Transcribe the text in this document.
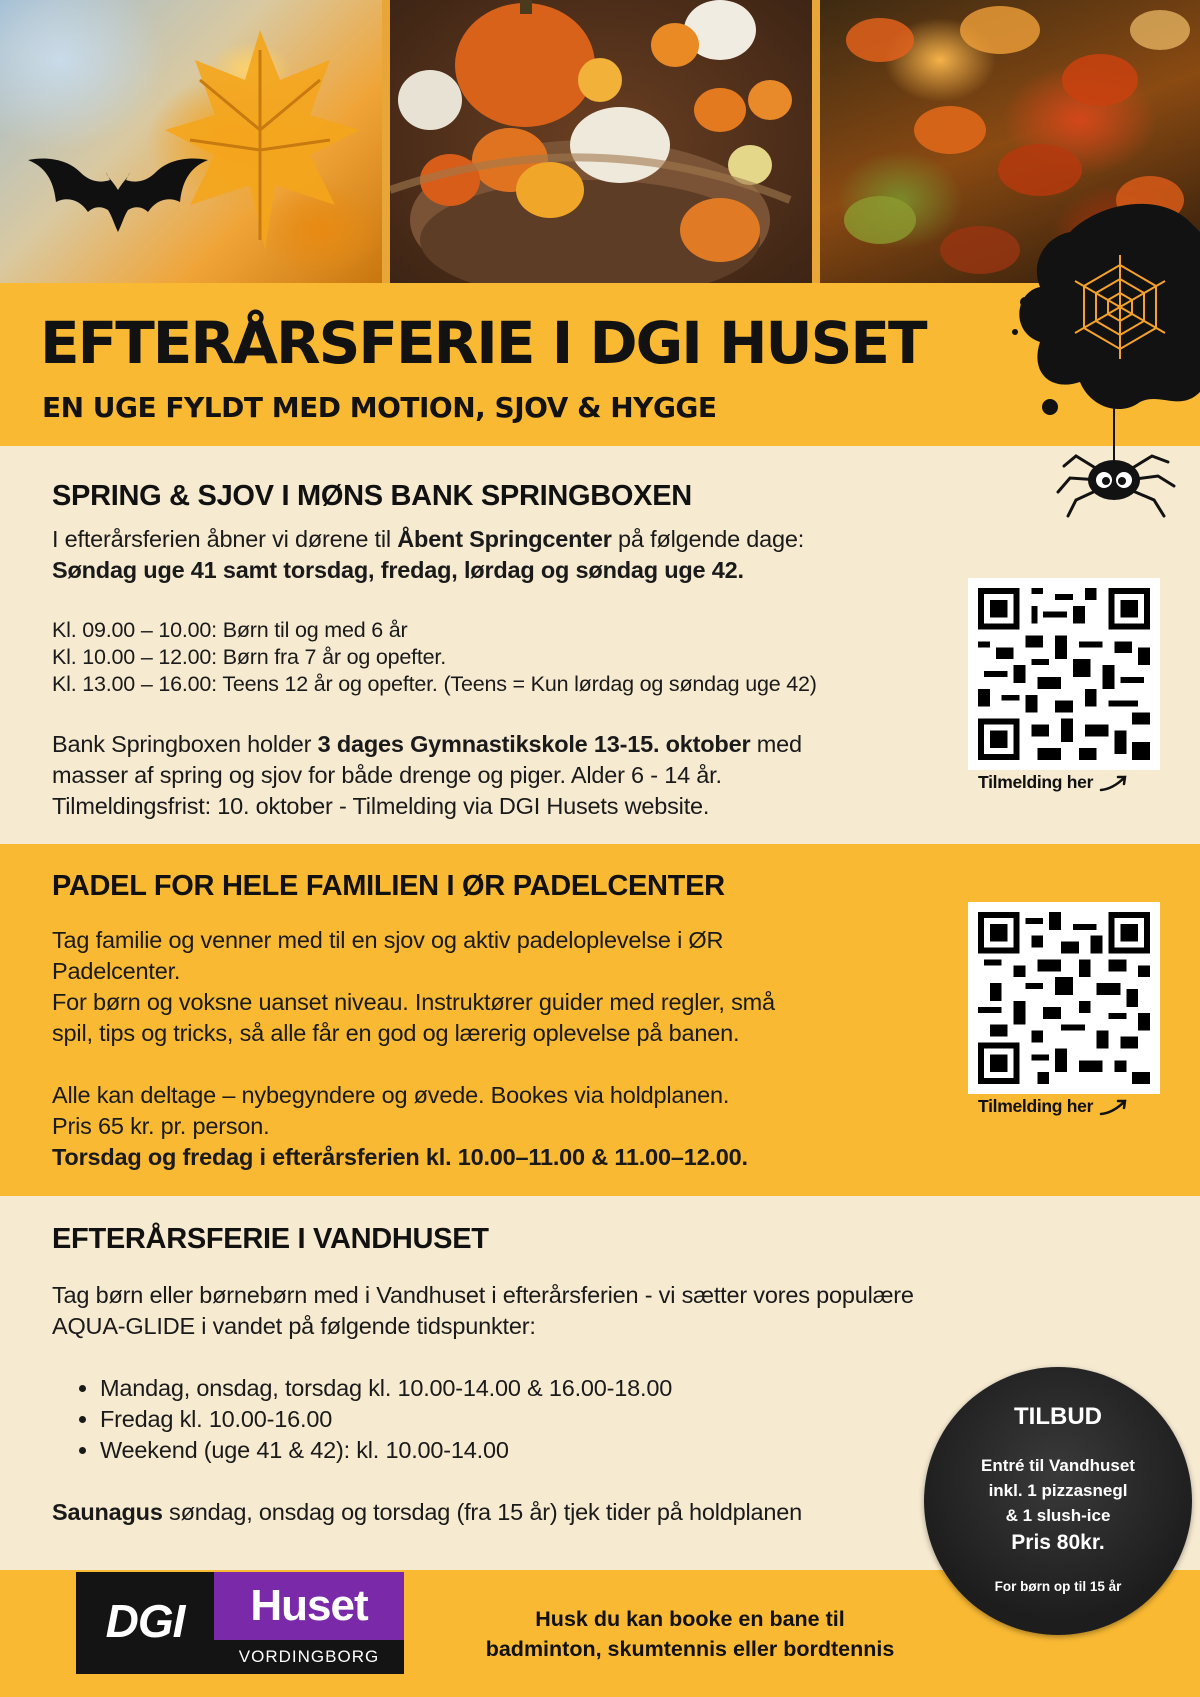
EFTERÅRSFERIE I DGI HUSET

EN UGE FYLDT MED MOTION, SJOV & HYGGE

SPRING & SJOV I MØNS BANK SPRINGBOXEN

I efterårsferien åbner vi dørene til Åbent Springcenter på følgende dage:

Søndag uge 41 samt torsdag, fredag, lørdag og søndag uge 42.

Kl. 09.00 – 10.00: Børn til og med 6 år

Kl. 10.00 – 12.00: Børn fra 7 år og opefter.

Kl. 13.00 – 16.00: Teens 12 år og opefter. (Teens = Kun lørdag og søndag uge 42)

Bank Springboxen holder 3 dages Gymnastikskole 13-15. oktober med

masser af spring og sjov for både drenge og piger. Alder 6 - 14 år.

Tilmeldingsfrist: 10. oktober - Tilmelding via DGI Husets website.

Tilmelding her
PADEL FOR HELE FAMILIEN I ØR PADELCENTER

Tag familie og venner med til en sjov og aktiv padeloplevelse i ØR

Padelcenter.

For børn og voksne uanset niveau. Instruktører guider med regler, små

spil, tips og tricks, så alle får en god og lærerig oplevelse på banen.

Alle kan deltage – nybegyndere og øvede. Bookes via holdplanen.

Pris 65 kr. pr. person.

Torsdag og fredag i efterårsferien kl. 10.00–11.00 & 11.00–12.00.

Tilmelding her
EFTERÅRSFERIE I VANDHUSET

Tag børn eller børnebørn med i Vandhuset i efterårsferien - vi sætter vores populære

AQUA-GLIDE i vandet på følgende tidspunkter:

• Mandag, onsdag, torsdag kl. 10.00-14.00 & 16.00-18.00
• Fredag kl. 10.00-16.00
• Weekend (uge 41 & 42): kl. 10.00-14.00

Saunagus søndag, onsdag og torsdag (fra 15 år) tjek tider på holdplanen

DGI	Huset
VORDINGBORG
Husk du kan booke en bane til
badminton, skumtennis eller bordtennis
TILBUD
Entré til Vandhuset
inkl. 1 pizzasnegl
& 1 slush-ice
Pris 80kr.
For børn op til 15 år
